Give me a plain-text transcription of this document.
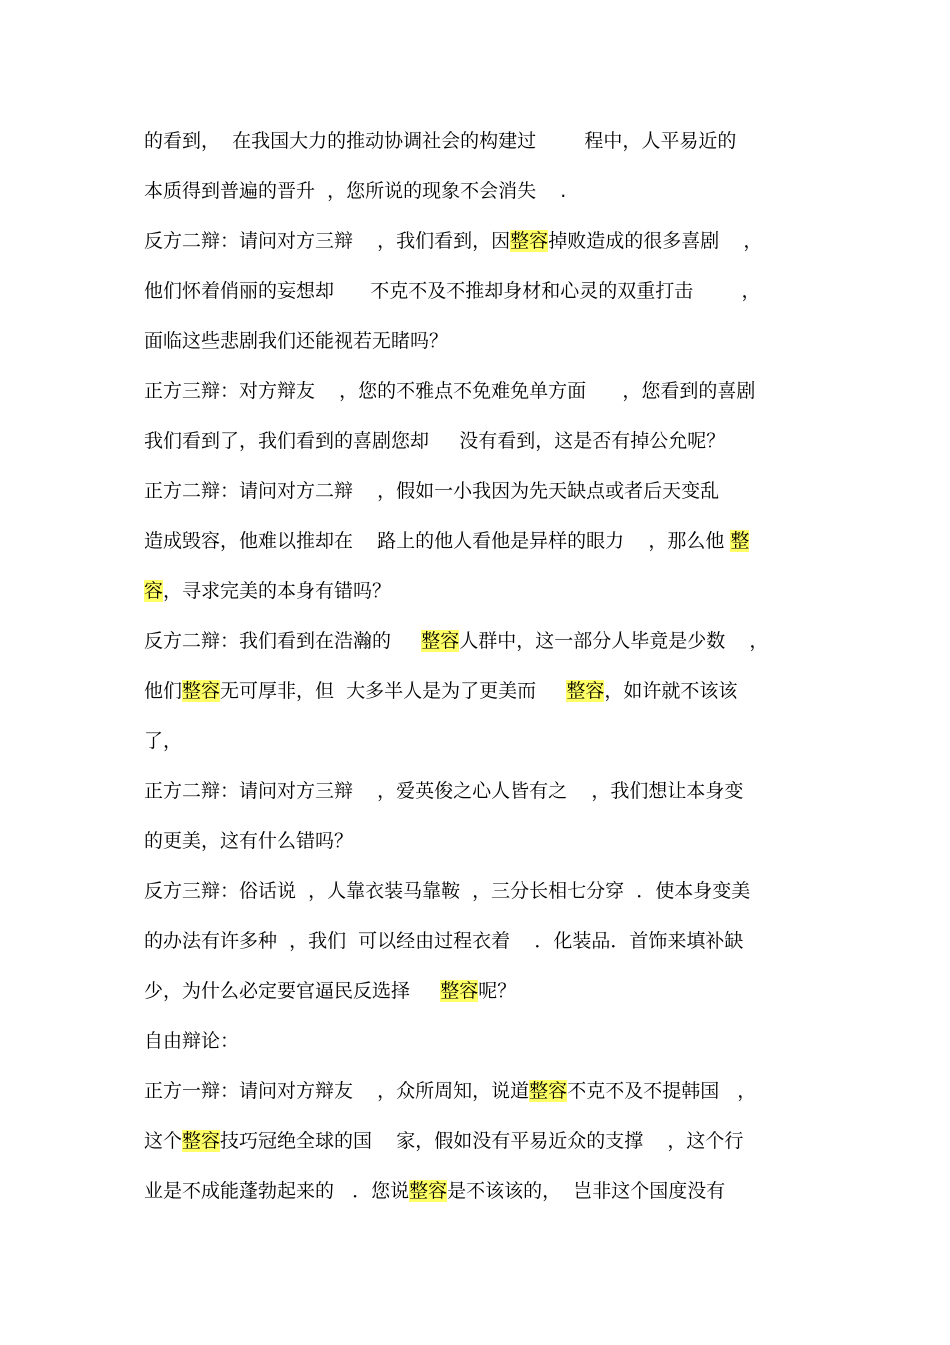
的看到，  在我国大力的推动协调社会的构建过        程中，人平易近的
本质得到普遍的晋升  ，您所说的现象不会消失    .
反方二辩：请问对方三辩    ，我们看到，因整容掉败造成的很多喜剧    ，
他们怀着俏丽的妄想却      不克不及不推却身材和心灵的双重打击        ，
面临这些悲剧我们还能视若无睹吗？
正方三辩：对方辩友    ，您的不雅点不免难免单方面      ，您看到的喜剧
我们看到了，我们看到的喜剧您却     没有看到，这是否有掉公允呢？
正方二辩：请问对方二辩    ，假如一小我因为先天缺点或者后天变乱
造成毁容，他难以推却在    路上的他人看他是异样的眼力    ，那么他 整
容，寻求完美的本身有错吗？
反方二辩：我们看到在浩瀚的     整容人群中，这一部分人毕竟是少数    ，
他们整容无可厚非，但  大多半人是为了更美而     整容，如许就不该该
了，
正方二辩：请问对方三辩    ，爱英俊之心人皆有之    ，我们想让本身变
的更美，这有什么错吗？
反方三辩：俗话说  ，人靠衣装马靠鞍  ，三分长相七分穿  ．使本身变美
的办法有许多种  ，我们  可以经由过程衣着    ．化装品．首饰来填补缺
少，为什么必定要官逼民反选择     整容呢？
自由辩论：
正方一辩：请问对方辩友    ，众所周知，说道整容不克不及不提韩国   ，
这个整容技巧冠绝全球的国    家，假如没有平易近众的支撑    ，这个行
业是不成能蓬勃起来的   ．您说整容是不该该的，  岂非这个国度没有
